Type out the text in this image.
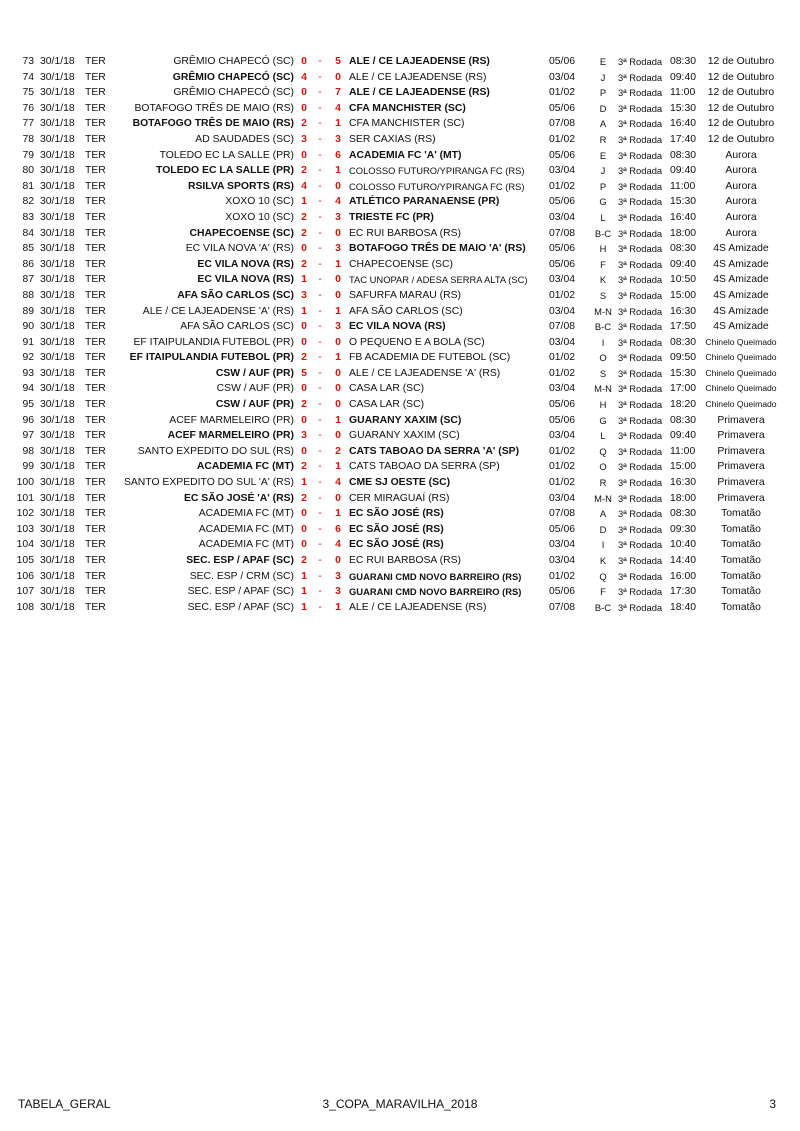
73 30/1/18 TER	GRÊMIO CHAPECÓ (SC) 0	-	5 ALE / CE LAJEADENSE (RS)	05/06	E	3ª Rodada 08:30	12 de Outubro
74 30/1/18 TER	GRÊMIO CHAPECÓ (SC) 4	-	0 ALE / CE LAJEADENSE (RS)	03/04	J	3ª Rodada 09:40	12 de Outubro
75 30/1/18 TER	GRÊMIO CHAPECÓ (SC) 0	-	7 ALE / CE LAJEADENSE (RS)	01/02	P	3ª Rodada 11:00	12 de Outubro
76 30/1/18 TER	BOTAFOGO TRÊS DE MAIO (RS) 0	-	4 CFA MANCHISTER (SC)	05/06	D	3ª Rodada 15:30	12 de Outubro
77 30/1/18 TER	BOTAFOGO TRÊS DE MAIO (RS) 2	-	1 CFA MANCHISTER (SC)	07/08	A	3ª Rodada 16:40	12 de Outubro
78 30/1/18 TER	AD SAUDADES (SC) 3	-	3 SER CAXIAS (RS)	01/02	R	3ª Rodada 17:40	12 de Outubro
79 30/1/18 TER	TOLEDO EC LA SALLE (PR) 0	-	6 ACADEMIA FC 'A' (MT)	05/06	E	3ª Rodada 08:30	Aurora
80 30/1/18 TER	TOLEDO EC LA SALLE (PR) 2	-	1 COLOSSO FUTURO/YPIRANGA FC (RS)	03/04	J	3ª Rodada 09:40	Aurora
81 30/1/18 TER	RSILVA SPORTS (RS) 4	-	0 COLOSSO FUTURO/YPIRANGA FC (RS)	01/02	P	3ª Rodada 11:00	Aurora
82 30/1/18 TER	XOXO 10 (SC) 1	-	4 ATLÉTICO PARANAENSE (PR)	05/06	G	3ª Rodada 15:30	Aurora
83 30/1/18 TER	XOXO 10 (SC) 2	-	3 TRIESTE FC (PR)	03/04	L	3ª Rodada 16:40	Aurora
84 30/1/18 TER	CHAPECOENSE (SC) 2	-	0 EC RUI BARBOSA (RS)	07/08	B-C 3ª Rodada 18:00	Aurora
85 30/1/18 TER	EC VILA NOVA 'A' (RS) 0	-	3 BOTAFOGO TRÊS DE MAIO 'A' (RS)	05/06	H	3ª Rodada 08:30	4S Amizade
86 30/1/18 TER	EC VILA NOVA (RS) 2	-	1 CHAPECOENSE (SC)	05/06	F	3ª Rodada 09:40	4S Amizade
87 30/1/18 TER	EC VILA NOVA (RS) 1	-	0 TAC UNOPAR / ADESA SERRA ALTA (SC)	03/04	K	3ª Rodada 10:50	4S Amizade
88 30/1/18 TER	AFA SÃO CARLOS (SC) 3	-	0 SAFURFA MARAU (RS)	01/02	S	3ª Rodada 15:00	4S Amizade
89 30/1/18 TER	ALE / CE LAJEADENSE 'A' (RS) 1	-	1 AFA SÃO CARLOS (SC)	03/04	M-N 3ª Rodada 16:30	4S Amizade
90 30/1/18 TER	AFA SÃO CARLOS (SC) 0	-	3 EC VILA NOVA (RS)	07/08	B-C 3ª Rodada 17:50	4S Amizade
91 30/1/18 TER	EF ITAIPULANDIA FUTEBOL (PR) 0	-	0 O PEQUENO E A BOLA (SC)	03/04	I	3ª Rodada 08:30	Chinelo Queimado
92 30/1/18 TER	EF ITAIPULANDIA FUTEBOL (PR) 2	-	1 FB ACADEMIA DE FUTEBOL (SC)	01/02	O	3ª Rodada 09:50	Chinelo Queimado
93 30/1/18 TER	CSW / AUF (PR) 5	-	0 ALE / CE LAJEADENSE 'A' (RS)	01/02	S	3ª Rodada 15:30	Chinelo Queimado
94 30/1/18 TER	CSW / AUF (PR) 0	-	0 CASA LAR (SC)	03/04	M-N 3ª Rodada 17:00	Chinelo Queimado
95 30/1/18 TER	CSW / AUF (PR) 2	-	0 CASA LAR (SC)	05/06	H	3ª Rodada 18:20	Chinelo Queimado
96 30/1/18 TER	ACEF MARMELEIRO (PR) 0	-	1 GUARANY XAXIM (SC)	05/06	G	3ª Rodada 08:30	Primavera
97 30/1/18 TER	ACEF MARMELEIRO (PR) 3	-	0 GUARANY XAXIM (SC)	03/04	L	3ª Rodada 09:40	Primavera
98 30/1/18 TER	SANTO EXPEDITO DO SUL (RS) 0	-	2 CATS TABOAO DA SERRA 'A' (SP)	01/02	Q	3ª Rodada 11:00	Primavera
99 30/1/18 TER	ACADEMIA FC (MT) 2	-	1 CATS TABOAO DA SERRA (SP)	01/02	O	3ª Rodada 15:00	Primavera
100 30/1/18 TER	SANTO EXPEDITO DO SUL 'A' (RS) 1	-	4 CME SJ OESTE (SC)	01/02	R	3ª Rodada 16:30	Primavera
101 30/1/18 TER	EC SÃO JOSÉ 'A' (RS) 2	-	0 CER MIRAGUAÍ (RS)	03/04	M-N 3ª Rodada 18:00	Primavera
102 30/1/18 TER	ACADEMIA FC (MT) 0	-	1 EC SÃO JOSÉ (RS)	07/08	A	3ª Rodada 08:30	Tomatão
103 30/1/18 TER	ACADEMIA FC (MT) 0	-	6 EC SÃO JOSÉ (RS)	05/06	D	3ª Rodada 09:30	Tomatão
104 30/1/18 TER	ACADEMIA FC (MT) 0	-	4 EC SÃO JOSÉ (RS)	03/04	I	3ª Rodada 10:40	Tomatão
105 30/1/18 TER	SEC. ESP / APAF (SC) 2	-	0 EC RUI BARBOSA (RS)	03/04	K	3ª Rodada 14:40	Tomatão
106 30/1/18 TER	SEC. ESP / CRM (SC) 1	-	3 GUARANI CMD NOVO BARREIRO (RS)	01/02	Q	3ª Rodada 16:00	Tomatão
107 30/1/18 TER	SEC. ESP / APAF (SC) 1	-	3 GUARANI CMD NOVO BARREIRO (RS)	05/06	F	3ª Rodada 17:30	Tomatão
108 30/1/18 TER	SEC. ESP / APAF (SC) 1	-	1 ALE / CE LAJEADENSE (RS)	07/08	B-C 3ª Rodada 18:40	Tomatão
TABELA_GERAL	3_COPA_MARAVILHA_2018	3
